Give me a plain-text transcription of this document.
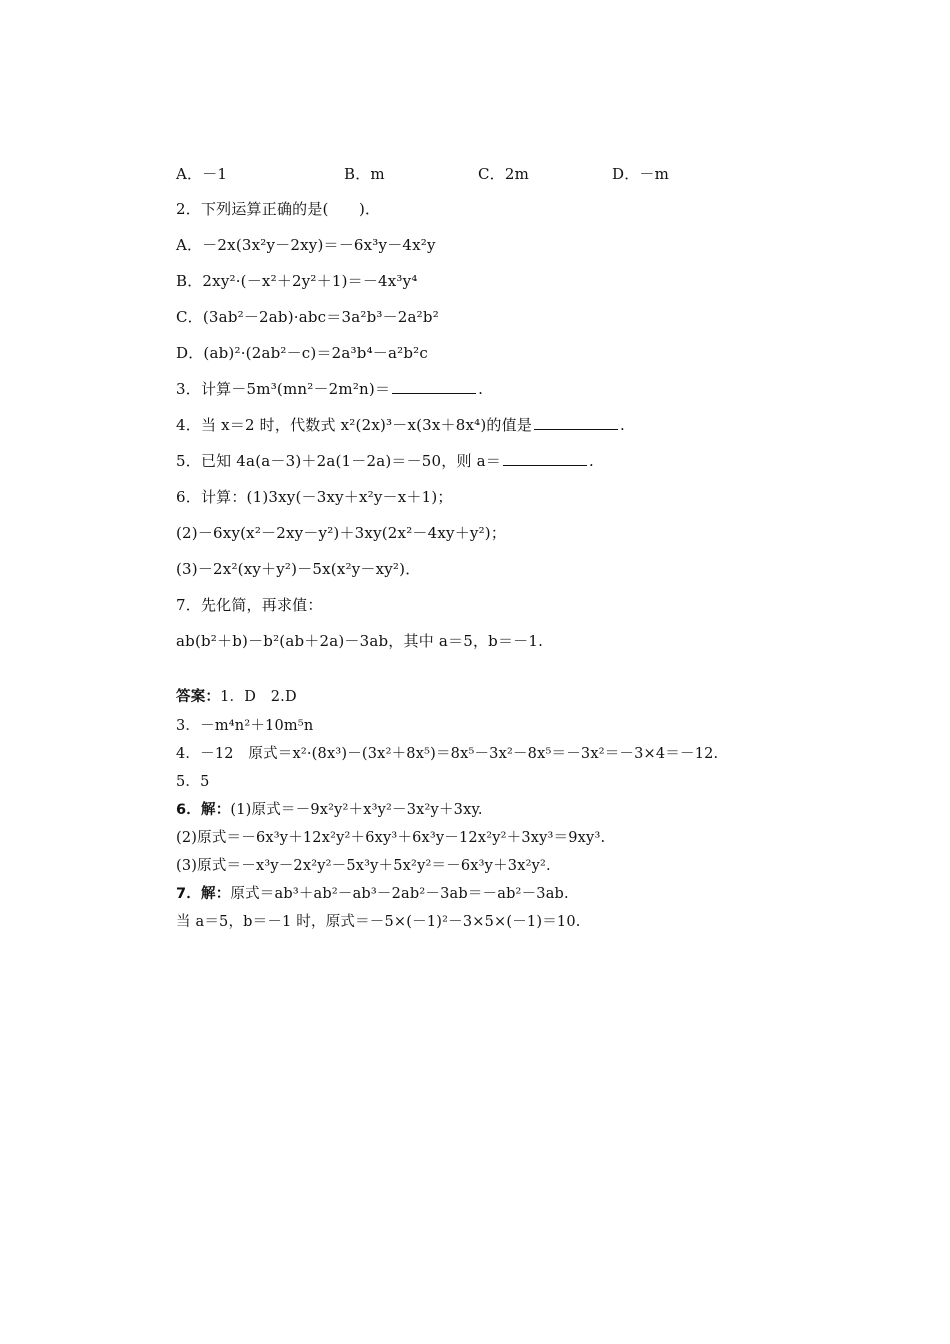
A．－1	B．m	C．2m	D．－m
2．下列运算正确的是(　　)．
A．－2x(3x²y－2xy)＝－6x³y－4x²y
B．2xy²·(－x²＋2y²＋1)＝－4x³y⁴
C．(3ab²－2ab)·abc＝3a²b³－2a²b²
D．(ab)²·(2ab²－c)＝2a³b⁴－a²b²c
3．计算－5m³(mn²－2m²n)＝	.
4．当 x＝2 时，代数式 x²(2x)³－x(3x＋8x⁴)的值是	.
5．已知 4a(a－3)＋2a(1－2a)＝－50，则 a＝	.
6．计算：(1)3xy(－3xy＋x²y－x＋1)；
(2)－6xy(x²－2xy－y²)＋3xy(2x²－4xy＋y²)；
(3)－2x²(xy＋y²)－5x(x²y－xy²)．
7．先化简，再求值：
ab(b²＋b)－b²(ab＋2a)－3ab，其中 a＝5，b＝－1.
答案：1．D　2.D
3．－m⁴n²＋10m⁵n
4．－12　原式＝x²·(8x³)－(3x²＋8x⁵)＝8x⁵－3x²－8x⁵＝－3x²＝－3×4＝－12.
5．5
6．解：(1)原式＝－9x²y²＋x³y²－3x²y＋3xy.
(2)原式＝－6x³y＋12x²y²＋6xy³＋6x³y－12x²y²＋3xy³＝9xy³.
(3)原式＝－x³y－2x²y²－5x³y＋5x²y²＝－6x³y＋3x²y².
7．解：原式＝ab³＋ab²－ab³－2ab²－3ab＝－ab²－3ab.
当 a＝5，b＝－1 时，原式＝－5×(－1)²－3×5×(－1)＝10.
